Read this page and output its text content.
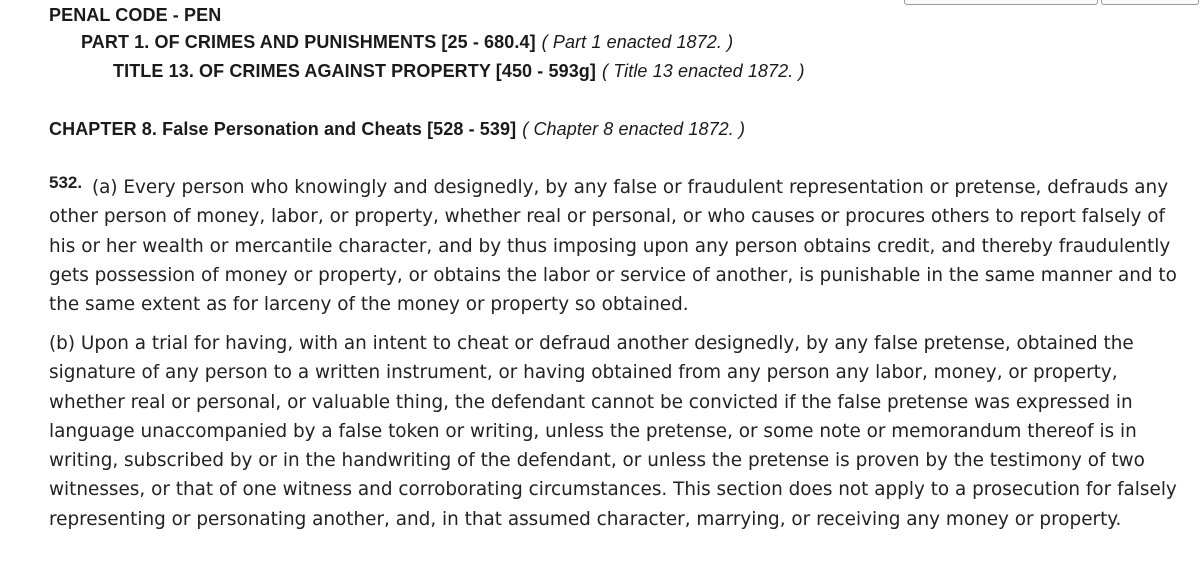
PENAL CODE - PEN
PART 1. OF CRIMES AND PUNISHMENTS [25 - 680.4] ( Part 1 enacted 1872. )
TITLE 13. OF CRIMES AGAINST PROPERTY [450 - 593g] ( Title 13 enacted 1872. )
CHAPTER 8. False Personation and Cheats [528 - 539] ( Chapter 8 enacted 1872. )
532. (a) Every person who knowingly and designedly, by any false or fraudulent representation or pretense, defrauds any other person of money, labor, or property, whether real or personal, or who causes or procures others to report falsely of his or her wealth or mercantile character, and by thus imposing upon any person obtains credit, and thereby fraudulently gets possession of money or property, or obtains the labor or service of another, is punishable in the same manner and to the same extent as for larceny of the money or property so obtained.
(b) Upon a trial for having, with an intent to cheat or defraud another designedly, by any false pretense, obtained the signature of any person to a written instrument, or having obtained from any person any labor, money, or property, whether real or personal, or valuable thing, the defendant cannot be convicted if the false pretense was expressed in language unaccompanied by a false token or writing, unless the pretense, or some note or memorandum thereof is in writing, subscribed by or in the handwriting of the defendant, or unless the pretense is proven by the testimony of two witnesses, or that of one witness and corroborating circumstances. This section does not apply to a prosecution for falsely representing or personating another, and, in that assumed character, marrying, or receiving any money or property.
